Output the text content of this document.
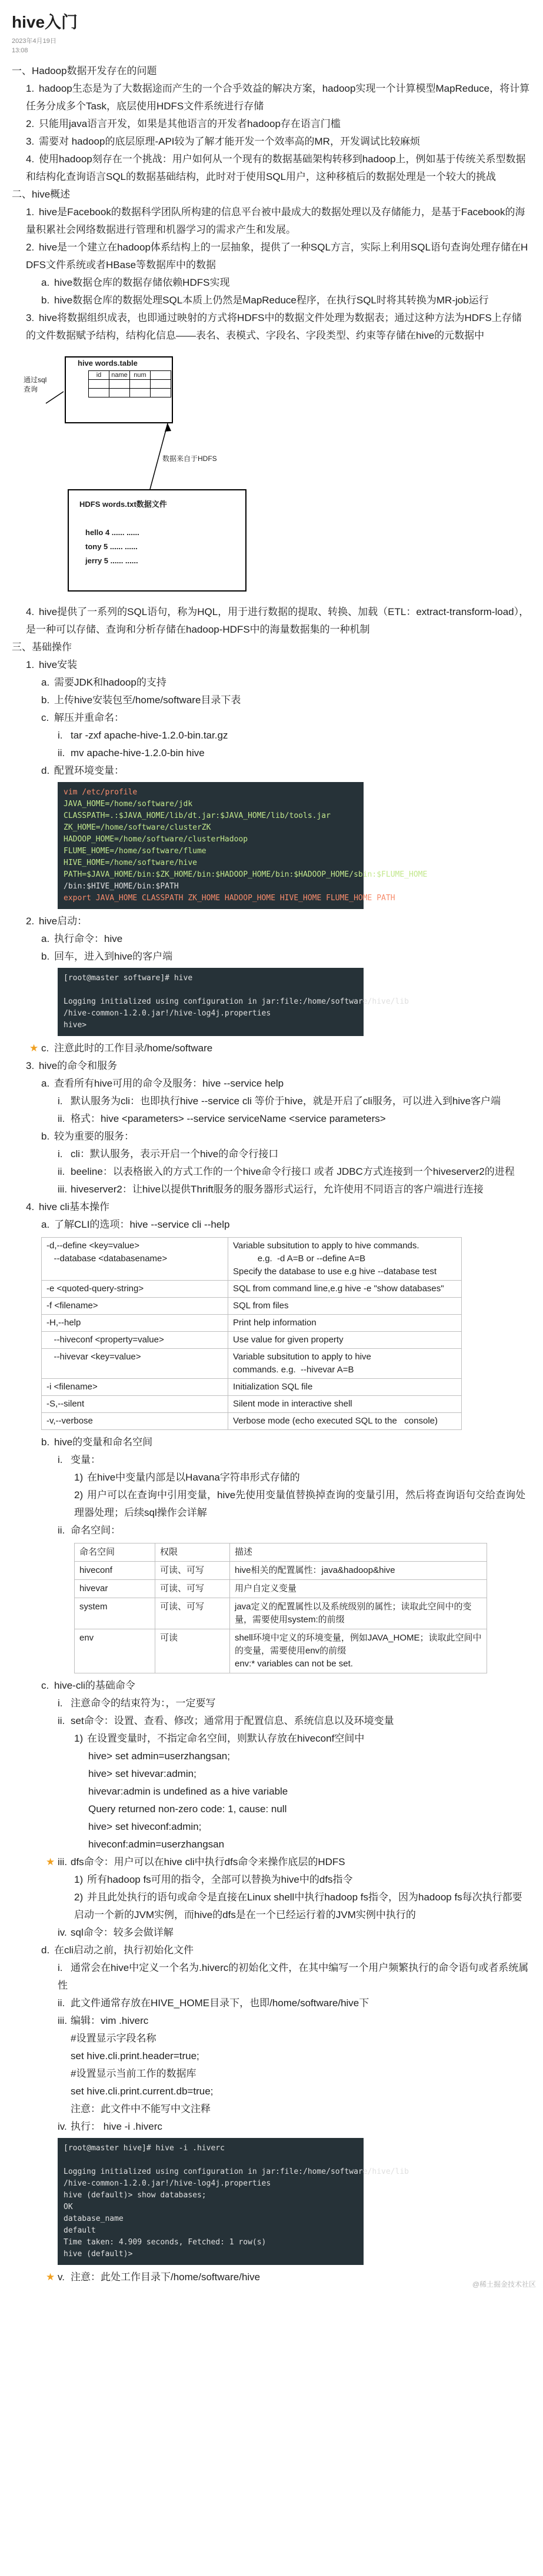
hive入门
2023年4月19日
13:08
一、Hadoop数据开发存在的问题
1. hadoop生态是为了大数据途而产生的一个合乎效益的解决方案，hadoop实现一个计算模型MapReduce，将计算任务分成多个Task，底层使用HDFS文件系统进行存储
2. 只能用java语言开发，如果是其他语言的开发者hadoop存在语言门槛
3. 需要对 hadoop的底层原理-API较为了解才能开发一个效率高的MR，开发调试比较麻烦
4. 使用hadoop刻存在一个挑战：用户如何从一个现有的数据基础架构转移到hadoop上，例如基于传统关系型数据和结构化查询语言SQL的数据基础结构，此时对于使用SQL用户，这种移植后的数据处理是一个较大的挑战
二、hive概述
1. hive是Facebook的数据科学团队所构建的信息平台被中最成大的数据处理以及存储能力，是基于Facebook的海量积累社会网络数据进行管理和机器学习的需求产生和发展。
2. hive是一个建立在hadoop体系结构上的一层抽象，提供了一种SQL方言，实际上利用SQL语句查询处理存储在HDFS文件系统或者HBase等数据库中的数据
a. hive数据仓库的数据存储依赖HDFS实现
b. hive数据仓库的数据处理SQL本质上仍然是MapReduce程序，在执行SQL时将其转换为MR-job运行
3. hive将数据组织成表，也即通过映射的方式将HDFS中的数据文件处理为数据表；通过这种方法为HDFS上存储的文件数据赋予结构，结构化信息——表名、表模式、字段名、字段类型、约束等存储在hive的元数据中
通过sql
查询
hive words.table
id	name	num	

数据来自于HDFS
HDFS words.txt数据文件
hello 4 ...... ......
tony 5 ...... ......
jerry 5 ...... ......
4. hive提供了一系列的SQL语句，称为HQL，用于进行数据的提取、转换、加载（ETL：extract-transform-load），是一种可以存储、查询和分析存储在hadoop-HDFS中的海量数据集的一种机制
三、基础操作
1. hive安装
a. 需要JDK和hadoop的支持
b. 上传hive安装包至/home/software目录下表
c. 解压并重命名：
i. tar -zxf apache-hive-1.2.0-bin.tar.gz
ii. mv apache-hive-1.2.0-bin hive
d. 配置环境变量：
vim /etc/profile
JAVA_HOME=/home/software/jdk
CLASSPATH=.:$JAVA_HOME/lib/dt.jar:$JAVA_HOME/lib/tools.jar
ZK_HOME=/home/software/clusterZK
HADOOP_HOME=/home/software/clusterHadoop
FLUME_HOME=/home/software/flume
HIVE_HOME=/home/software/hive
PATH=$JAVA_HOME/bin:$ZK_HOME/bin:$HADOOP_HOME/bin:$HADOOP_HOME/sbin:$FLUME_HOME
/bin:$HIVE_HOME/bin:$PATH
export JAVA_HOME CLASSPATH ZK_HOME HADOOP_HOME HIVE_HOME FLUME_HOME PATH
2. hive启动：
a. 执行命令：hive
b. 回车，进入到hive的客户端
[root@master software]# hive

Logging initialized using configuration in jar:file:/home/software/hive/lib
/hive-common-1.2.0.jar!/hive-log4j.properties
hive>
★ c. 注意此时的工作目录/home/software
3. hive的命令和服务
a. 查看所有hive可用的命令及服务：hive --service help
i. 默认服务为cli：也即执行hive --service cli 等价于hive，就是开启了cli服务，可以进入到hive客户端
ii. 格式：hive <parameters> --service serviceName <service parameters>
b. 较为重要的服务：
i. cli：默认服务，表示开启一个hive的命令行接口
ii. beeline：以表格嵌入的方式工作的一个hive命令行接口 或者 JDBC方式连接到一个hiveserver2的进程
iii. hiveserver2：让hive以提供Thrift服务的服务器形式运行，允许使用不同语言的客户端进行连接
4. hive cli基本操作
a. 了解CLI的选项：hive --service cli --help
-d,--define <key=value>
--database <databasename>	Variable subsitution to apply to hive commands.
e.g.  -d A=B or --define A=B
Specify the database to use e.g hive --database test
-e <quoted-query-string>	SQL from command line,e.g hive -e "show databases"
-f <filename>	SQL from files
-H,--help	Print help information
--hiveconf <property=value>	Use value for given property
--hivevar <key=value>	Variable subsitution to apply to hive
commands. e.g.  --hivevar A=B
-i <filename>	Initialization SQL file
-S,--silent	Silent mode in interactive shell
-v,--verbose	Verbose mode (echo executed SQL to the   console)
b. hive的变量和命名空间
i. 变量：
1) 在hive中变量内部是以Havana字符串形式存储的
2) 用户可以在查询中引用变量，hive先使用变量值替换掉查询的变量引用，然后将查询语句交给查询处理器处理；后续sql操作会详解
ii. 命名空间：
命名空间	权限	描述
hiveconf	可读、可写	hive相关的配置属性：java&hadoop&hive
hivevar	可读、可写	用户自定义变量
system	可读、可写	java定义的配置属性以及系统级别的属性；读取此空间中的变量，需要使用system:的前缀
env	可读	shell环境中定义的环境变量，例如JAVA_HOME；读取此空间中的变量，需要使用env的前缀
env:* variables can not be set.
c. hive-cli的基础命令
i. 注意命令的结束符为：，一定要写
ii. set命令：设置、查看、修改；通常用于配置信息、系统信息以及环境变量
1) 在设置变量时，不指定命名空间，则默认存放在hiveconf空间中
hive> set admin=userzhangsan;
hive> set hivevar:admin;
hivevar:admin is undefined as a hive variable
Query returned non-zero code: 1, cause: null
hive> set hiveconf:admin;
hiveconf:admin=userzhangsan
★ iii. dfs命令：用户可以在hive cli中执行dfs命令来操作底层的HDFS
1) 所有hadoop fs可用的指令，全部可以替换为hive中的dfs指令
2) 并且此处执行的语句或命令是直接在Linux shell中执行hadoop fs指令，因为hadoop fs每次执行都要启动一个新的JVM实例，而hive的dfs是在一个已经运行着的JVM实例中执行的
iv. sql命令：较多会做详解
d. 在cli启动之前，执行初始化文件
i. 通常会在hive中定义一个名为.hiverc的初始化文件，在其中编写一个用户频繁执行的命令语句或者系统属性
ii. 此文件通常存放在HIVE_HOME目录下，也即/home/software/hive下
iii. 编辑：vim .hiverc
#设置显示字段名称
set hive.cli.print.header=true;
#设置显示当前工作的数据库
set hive.cli.print.current.db=true;
注意：此文件中不能写中文注释
iv. 执行： hive -i .hiverc
[root@master hive]# hive -i .hiverc

Logging initialized using configuration in jar:file:/home/software/hive/lib
/hive-common-1.2.0.jar!/hive-log4j.properties
hive (default)> show databases;
OK
database_name
default
Time taken: 4.909 seconds, Fetched: 1 row(s)
hive (default)>
★ v. 注意：此处工作目录下/home/software/hive
@稀土掘金技术社区
